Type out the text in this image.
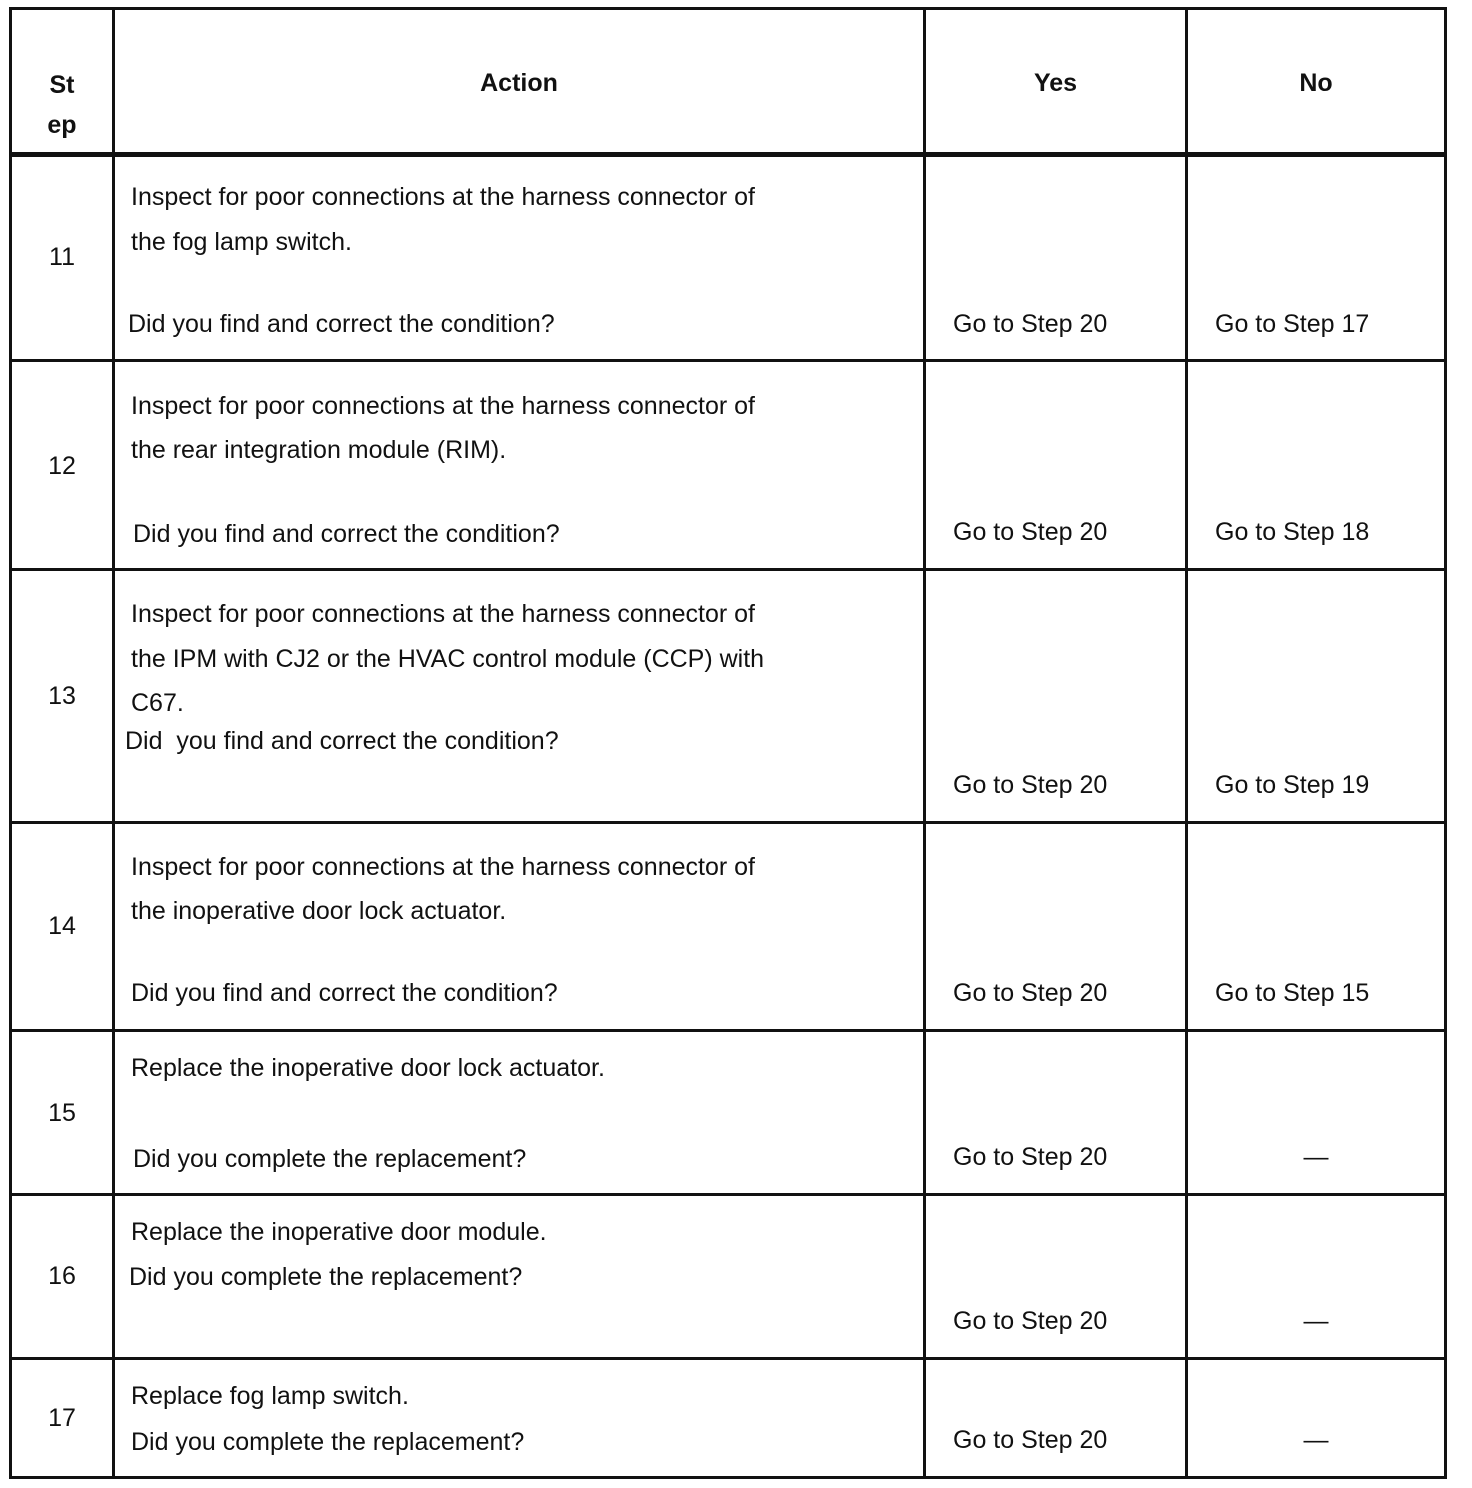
St
ep
Action	Yes	No
11
Inspect for poor connections at the harness connector of
the fog lamp switch.
Did you find and correct the condition?	Go to Step 20	Go to Step 17
12
Inspect for poor connections at the harness connector of
the rear integration module (RIM).
Did you find and correct the condition?	Go to Step 20	Go to Step 18
13
Inspect for poor connections at the harness connector of
the IPM with CJ2 or the HVAC control module (CCP) with
C67.
Did  you find and correct the condition?
Go to Step 20	Go to Step 19
14
Inspect for poor connections at the harness connector of
the inoperative door lock actuator.
Did you find and correct the condition?	Go to Step 20	Go to Step 15
15
Replace the inoperative door lock actuator.
Did you complete the replacement?	Go to Step 20	—
16
Replace the inoperative door module.
Did you complete the replacement?
Go to Step 20	—
17
Replace fog lamp switch.
Did you complete the replacement?	Go to Step 20	—
